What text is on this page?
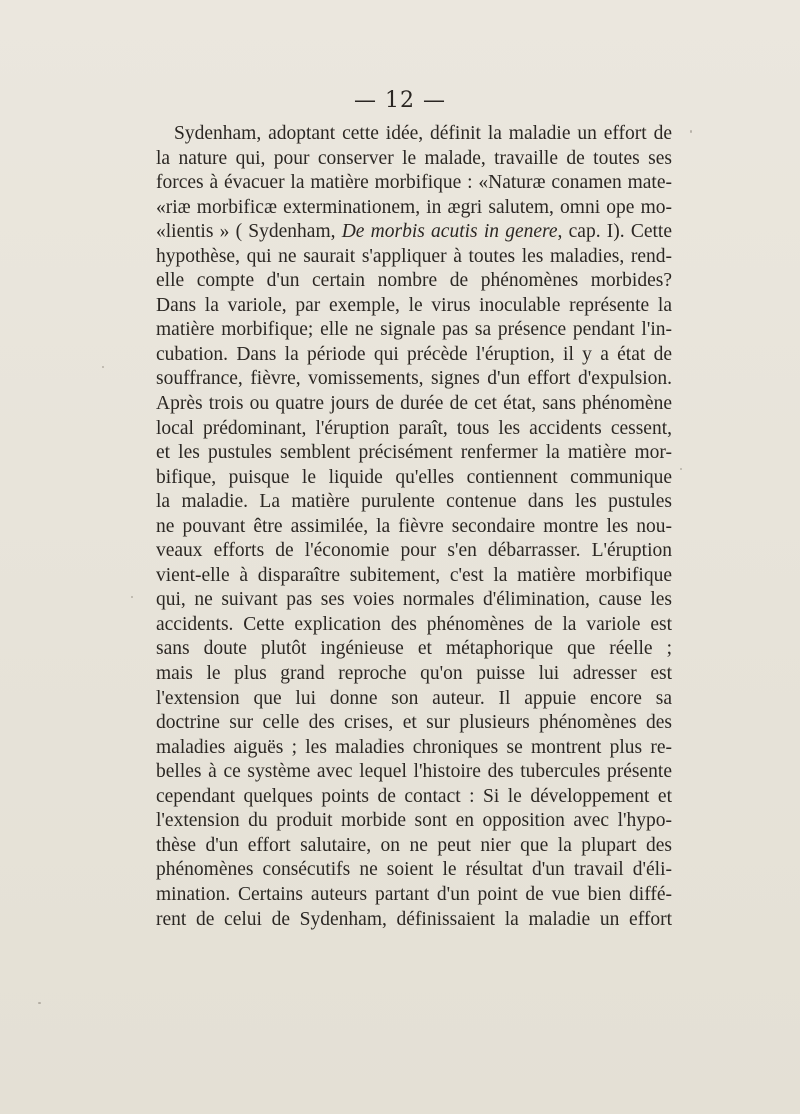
— 12 —
Sydenham, adoptant cette idée, définit la maladie un effort de
la nature qui, pour conserver le malade, travaille de toutes ses
forces à évacuer la matière morbifique : «Naturæ conamen mate-
«riæ morbificæ exterminationem, in ægri salutem, omni ope mo-
«lientis » ( Sydenham, De morbis acutis in genere, cap. I). Cette
hypothèse, qui ne saurait s'appliquer à toutes les maladies, rend-
elle compte d'un certain nombre de phénomènes morbides?
Dans la variole, par exemple, le virus inoculable représente la
matière morbifique; elle ne signale pas sa présence pendant l'in-
cubation. Dans la période qui précède l'éruption, il y a état de
souffrance, fièvre, vomissements, signes d'un effort d'expulsion.
Après trois ou quatre jours de durée de cet état, sans phénomène
local prédominant, l'éruption paraît, tous les accidents cessent,
et les pustules semblent précisément renfermer la matière mor-
bifique, puisque le liquide qu'elles contiennent communique
la maladie. La matière purulente contenue dans les pustules
ne pouvant être assimilée, la fièvre secondaire montre les nou-
veaux efforts de l'économie pour s'en débarrasser. L'éruption
vient-elle à disparaître subitement, c'est la matière morbifique
qui, ne suivant pas ses voies normales d'élimination, cause les
accidents. Cette explication des phénomènes de la variole est
sans doute plutôt ingénieuse et métaphorique que réelle ;
mais le plus grand reproche qu'on puisse lui adresser est
l'extension que lui donne son auteur. Il appuie encore sa
doctrine sur celle des crises, et sur plusieurs phénomènes des
maladies aiguës ; les maladies chroniques se montrent plus re-
belles à ce système avec lequel l'histoire des tubercules présente
cependant quelques points de contact : Si le développement et
l'extension du produit morbide sont en opposition avec l'hypo-
thèse d'un effort salutaire, on ne peut nier que la plupart des
phénomènes consécutifs ne soient le résultat d'un travail d'éli-
mination. Certains auteurs partant d'un point de vue bien diffé-
rent de celui de Sydenham, définissaient la maladie un effort
